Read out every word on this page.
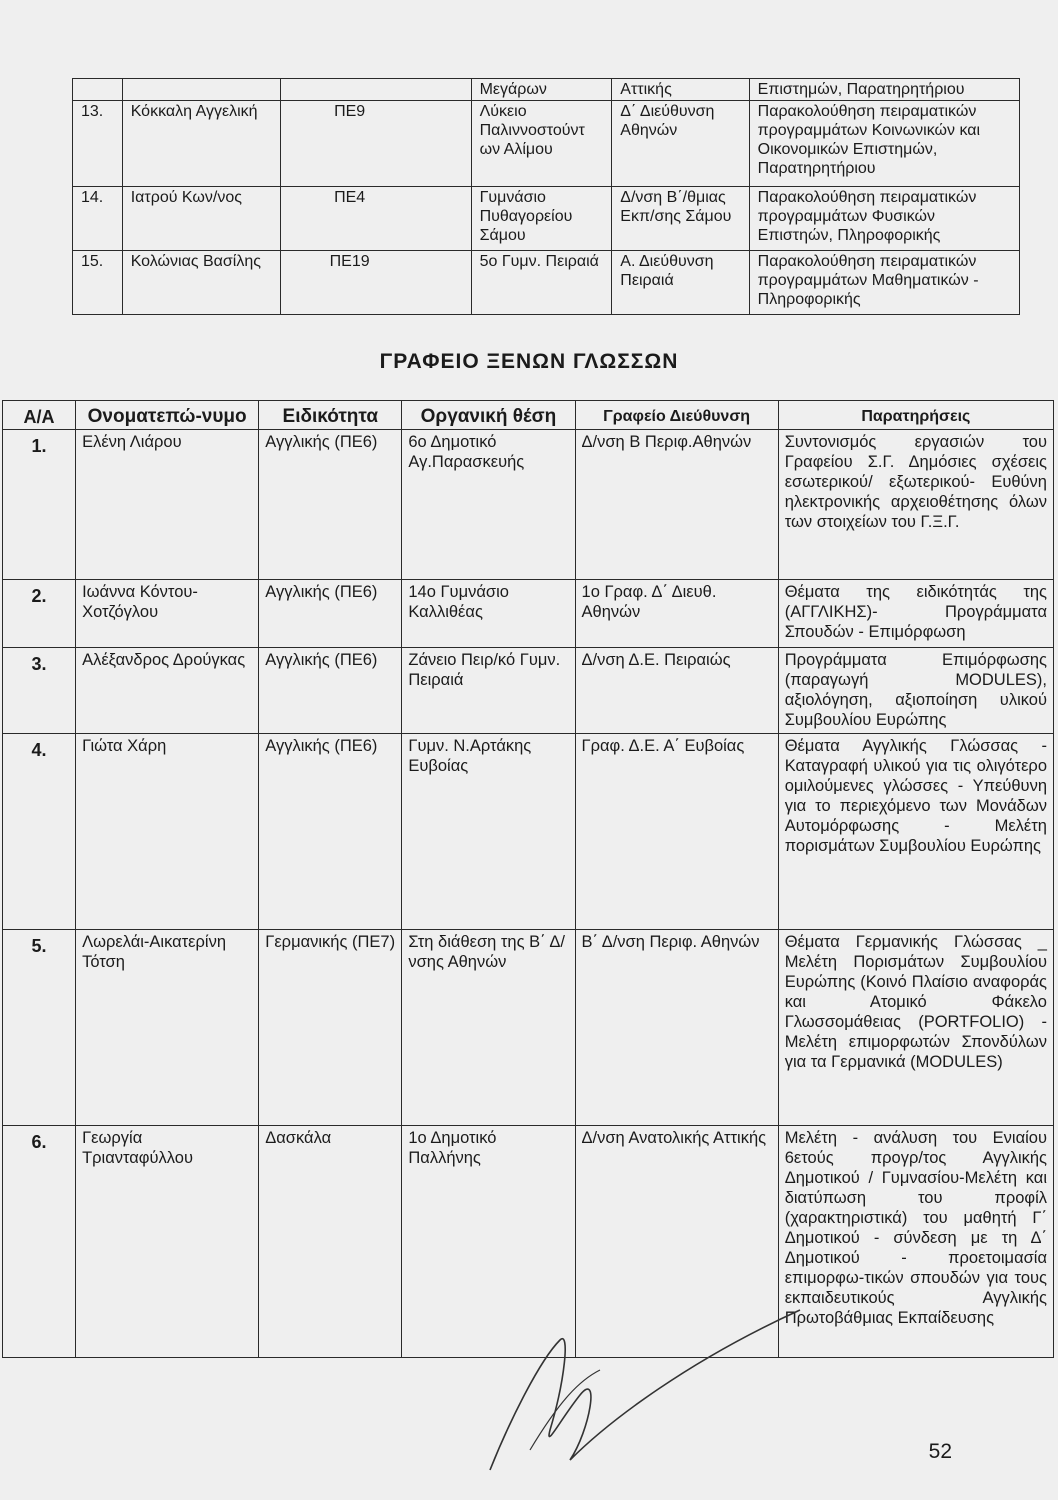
			Μεγάρων	Αττικής	Επιστημών, Παρατηρητήριου
13.	Κόκκαλη Αγγελική	ΠΕ9	Λύκειο Παλιννοστούντ ων Αλίμου	Δ΄ Διεύθυνση Αθηνών	Παρακολούθηση πειραματικών προγραμμάτων Κοινωνικών και Οικονομικών Επιστημών, Παρατηρητήριου
14.	Ιατρού Κων/νος	ΠΕ4	Γυμνάσιο Πυθαγορείου Σάμου	Δ/νση Β΄/θμιας Εκπ/σης Σάμου	Παρακολούθηση πειραματικών προγραμμάτων Φυσικών Επιστηών, Πληροφορικής
15.	Κολώνιας Βασίλης	ΠΕ19	5ο Γυμν. Πειραιά	Α. Διεύθυνση Πειραιά	Παρακολούθηση πειραματικών προγραμμάτων Μαθηματικών - Πληροφορικής
ΓΡΑΦΕΙΟ ΞΕΝΩΝ ΓΛΩΣΣΩΝ
Α/Α	Ονοματεπώ-νυμο	Ειδικότητα	Οργανική θέση	Γραφείο Διεύθυνση	Παρατηρήσεις
1.	Ελένη Λιάρου	Αγγλικής (ΠΕ6)	6ο Δημοτικό Αγ.Παρασκευής	Δ/νση Β Περιφ.Αθηνών	Συντονισμός εργασιών του Γραφείου Σ.Γ. Δημόσιες σχέσεις εσωτερικού/ εξωτερικού- Ευθύνη ηλεκτρονικής αρχειοθέτησης όλων των στοιχείων του Γ.Ξ.Γ.
2.	Ιωάννα Κόντου-Χοτζόγλου	Αγγλικής (ΠΕ6)	14ο Γυμνάσιο Καλλιθέας	1ο Γραφ. Δ΄ Διευθ. Αθηνών	Θέματα της ειδικότητάς της (ΑΓΓΛΙΚΗΣ)- Προγράμματα Σπουδών - Επιμόρφωση
3.	Αλέξανδρος Δρούγκας	Αγγλικής (ΠΕ6)	Ζάνειο Πειρ/κό Γυμν. Πειραιά	Δ/νση Δ.Ε. Πειραιώς	Προγράμματα Επιμόρφωσης (παραγωγή MODULES), αξιολόγηση, αξιοποίηση υλικού Συμβουλίου Ευρώπης
4.	Γιώτα Χάρη	Αγγλικής (ΠΕ6)	Γυμν. Ν.Αρτάκης Ευβοίας	Γραφ. Δ.Ε. Α΄ Ευβοίας	Θέματα Αγγλικής Γλώσσας - Καταγραφή υλικού για τις ολιγότερο ομιλούμενες γλώσσες - Υπεύθυνη για το περιεχόμενο των Μονάδων Αυτομόρφωσης - Μελέτη πορισμάτων Συμβουλίου Ευρώπης
5.	Λωρελάι-Αικατερίνη Τότση	Γερμανικής (ΠΕ7)	Στη διάθεση της Β΄ Δ/νσης Αθηνών	Β΄ Δ/νση Περιφ. Αθηνών	Θέματα Γερμανικής Γλώσσας _ Μελέτη Πορισμάτων Συμβουλίου Ευρώπης (Κοινό Πλαίσιο αναφοράς και Ατομικό Φάκελο Γλωσσομάθειας (PORTFOLIO) - Μελέτη επιμορφωτών Σπονδύλων για τα Γερμανικά (MODULES)
6.	Γεωργία Τριανταφύλλου	Δασκάλα	1ο Δημοτικό Παλλήνης	Δ/νση Ανατολικής Αττικής	Μελέτη - ανάλυση του Ενιαίου 6ετούς προγρ/τος Αγγλικής Δημοτικού / Γυμνασίου-Μελέτη και διατύπωση του προφίλ (χαρακτηριστικά) του μαθητή Γ΄ Δημοτικού - σύνδεση με τη Δ΄ Δημοτικού - προετοιμασία επιμορφω-τικών σπουδών για τους εκπαιδευτικούς Αγγλικής Πρωτοβάθμιας Εκπαίδευσης
52
